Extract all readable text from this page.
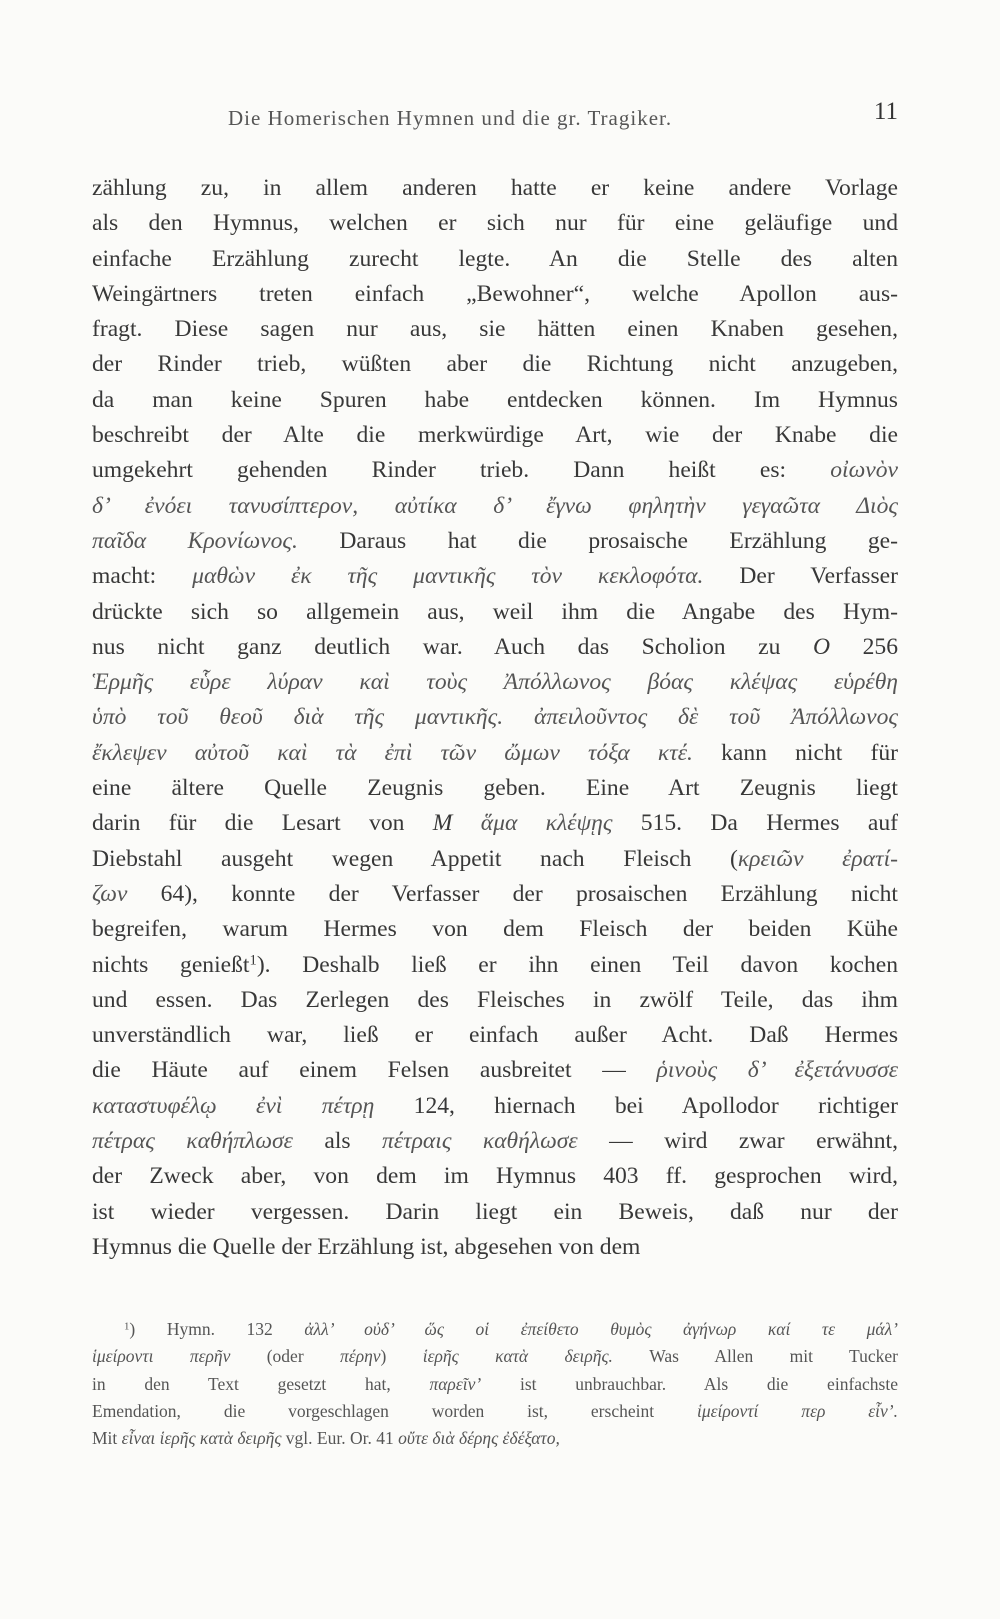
Die Homerischen Hymnen und die gr. Tragiker.	11
zählung zu, in allem anderen hatte er keine andere Vorlage
als den Hymnus, welchen er sich nur für eine geläufige und
einfache Erzählung zurecht legte. An die Stelle des alten
Weingärtners treten einfach „Bewohner“, welche Apollon aus-
fragt. Diese sagen nur aus, sie hätten einen Knaben gesehen,
der Rinder trieb, wüßten aber die Richtung nicht anzugeben,
da man keine Spuren habe entdecken können. Im Hymnus
beschreibt der Alte die merkwürdige Art, wie der Knabe die
umgekehrt gehenden Rinder trieb. Dann heißt es: οἰωνὸν
δ’ ἐνόει τανυσίπτερον, αὐτίκα δ’ ἔγνω φηλητὴν γεγαῶτα Διὸς
παῖδα Κρονίωνος. Daraus hat die prosaische Erzählung ge-
macht: μαθὼν ἐκ τῆς μαντικῆς τὸν κεκλοφότα. Der Verfasser
drückte sich so allgemein aus, weil ihm die Angabe des Hym-
nus nicht ganz deutlich war. Auch das Scholion zu O 256
Ἑρμῆς εὗρε λύραν καὶ τοὺς Ἀπόλλωνος βόας κλέψας εὑρέθη
ὑπὸ τοῦ θεοῦ διὰ τῆς μαντικῆς. ἀπειλοῦντος δὲ τοῦ Ἀπόλλωνος
ἔκλεψεν αὐτοῦ καὶ τὰ ἐπὶ τῶν ὤμων τόξα κτέ. kann nicht für
eine ältere Quelle Zeugnis geben. Eine Art Zeugnis liegt
darin für die Lesart von M ἅμα κλέψῃς 515. Da Hermes auf
Diebstahl ausgeht wegen Appetit nach Fleisch (κρειῶν ἐρατί-
ζων 64), konnte der Verfasser der prosaischen Erzählung nicht
begreifen, warum Hermes von dem Fleisch der beiden Kühe
nichts genießt$^1$). Deshalb ließ er ihn einen Teil davon kochen
und essen. Das Zerlegen des Fleisches in zwölf Teile, das ihm
unverständlich war, ließ er einfach außer Acht. Daß Hermes
die Häute auf einem Felsen ausbreitet — ῥινοὺς δ’ ἐξετάνυσσε
καταστυφέλῳ ἐνὶ πέτρῃ 124, hiernach bei Apollodor richtiger
πέτρας καθήπλωσε als πέτραις καθήλωσε — wird zwar erwähnt,
der Zweck aber, von dem im Hymnus 403 ff. gesprochen wird,
ist wieder vergessen. Darin liegt ein Beweis, daß nur der
Hymnus die Quelle der Erzählung ist, abgesehen von dem
$^1$) Hymn. 132 ἀλλ’ οὐδ’ ὥς οἱ ἐπείθετο θυμὸς ἀγήνωρ καί τε μάλ’
ἱμείροντι περῆν (oder πέρην) ἱερῆς κατὰ δειρῆς. Was Allen mit Tucker
in den Text gesetzt hat, παρεῖν’ ist unbrauchbar. Als die einfachste
Emendation, die vorgeschlagen worden ist, erscheint ἱμείροντί περ εἶν’.
Mit εἶναι ἱερῆς κατὰ δειρῆς vgl. Eur. Or. 41 οὔτε διὰ δέρης ἐδέξατο,
